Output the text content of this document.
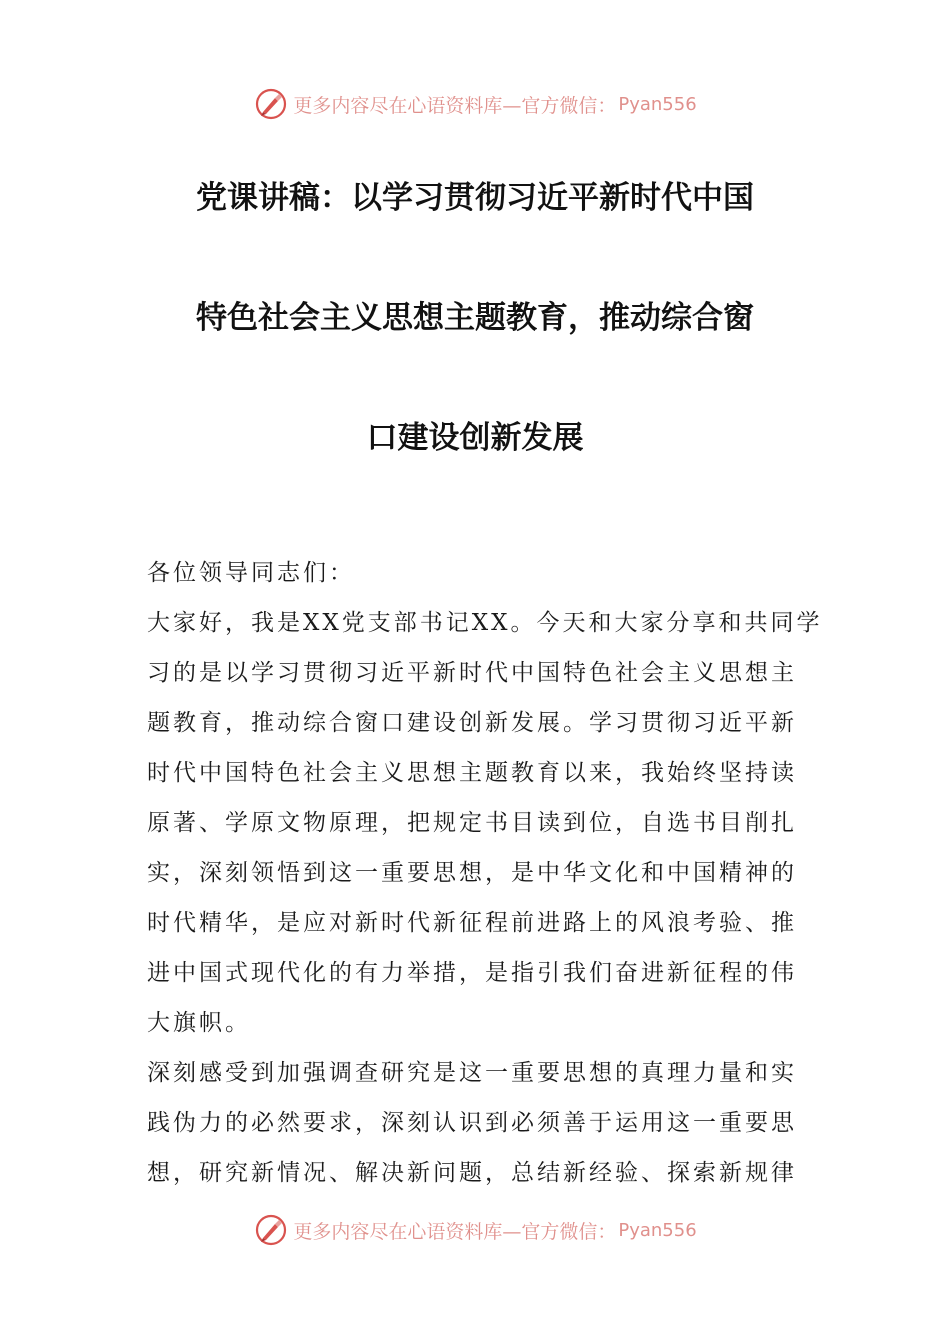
更多内容尽在心语资料库—官方微信： Pyan556
党课讲稿：以学习贯彻习近平新时代中国
特色社会主义思想主题教育，推动综合窗
口建设创新发展
各位领导同志们：
大家好，我是XX党支部书记XX。今天和大家分享和共同学
习的是以学习贯彻习近平新时代中国特色社会主义思想主
题教育，推动综合窗口建设创新发展。学习贯彻习近平新
时代中国特色社会主义思想主题教育以来，我始终坚持读
原著、学原文物原理，把规定书目读到位，自选书目削扎
实，深刻领悟到这一重要思想，是中华文化和中国精神的
时代精华，是应对新时代新征程前进路上的风浪考验、推
进中国式现代化的有力举措，是指引我们奋进新征程的伟
大旗帜。
深刻感受到加强调查研究是这一重要思想的真理力量和实
践伪力的必然要求，深刻认识到必须善于运用这一重要思
想，研究新情况、解决新问题，总结新经验、探索新规律
更多内容尽在心语资料库—官方微信： Pyan556
